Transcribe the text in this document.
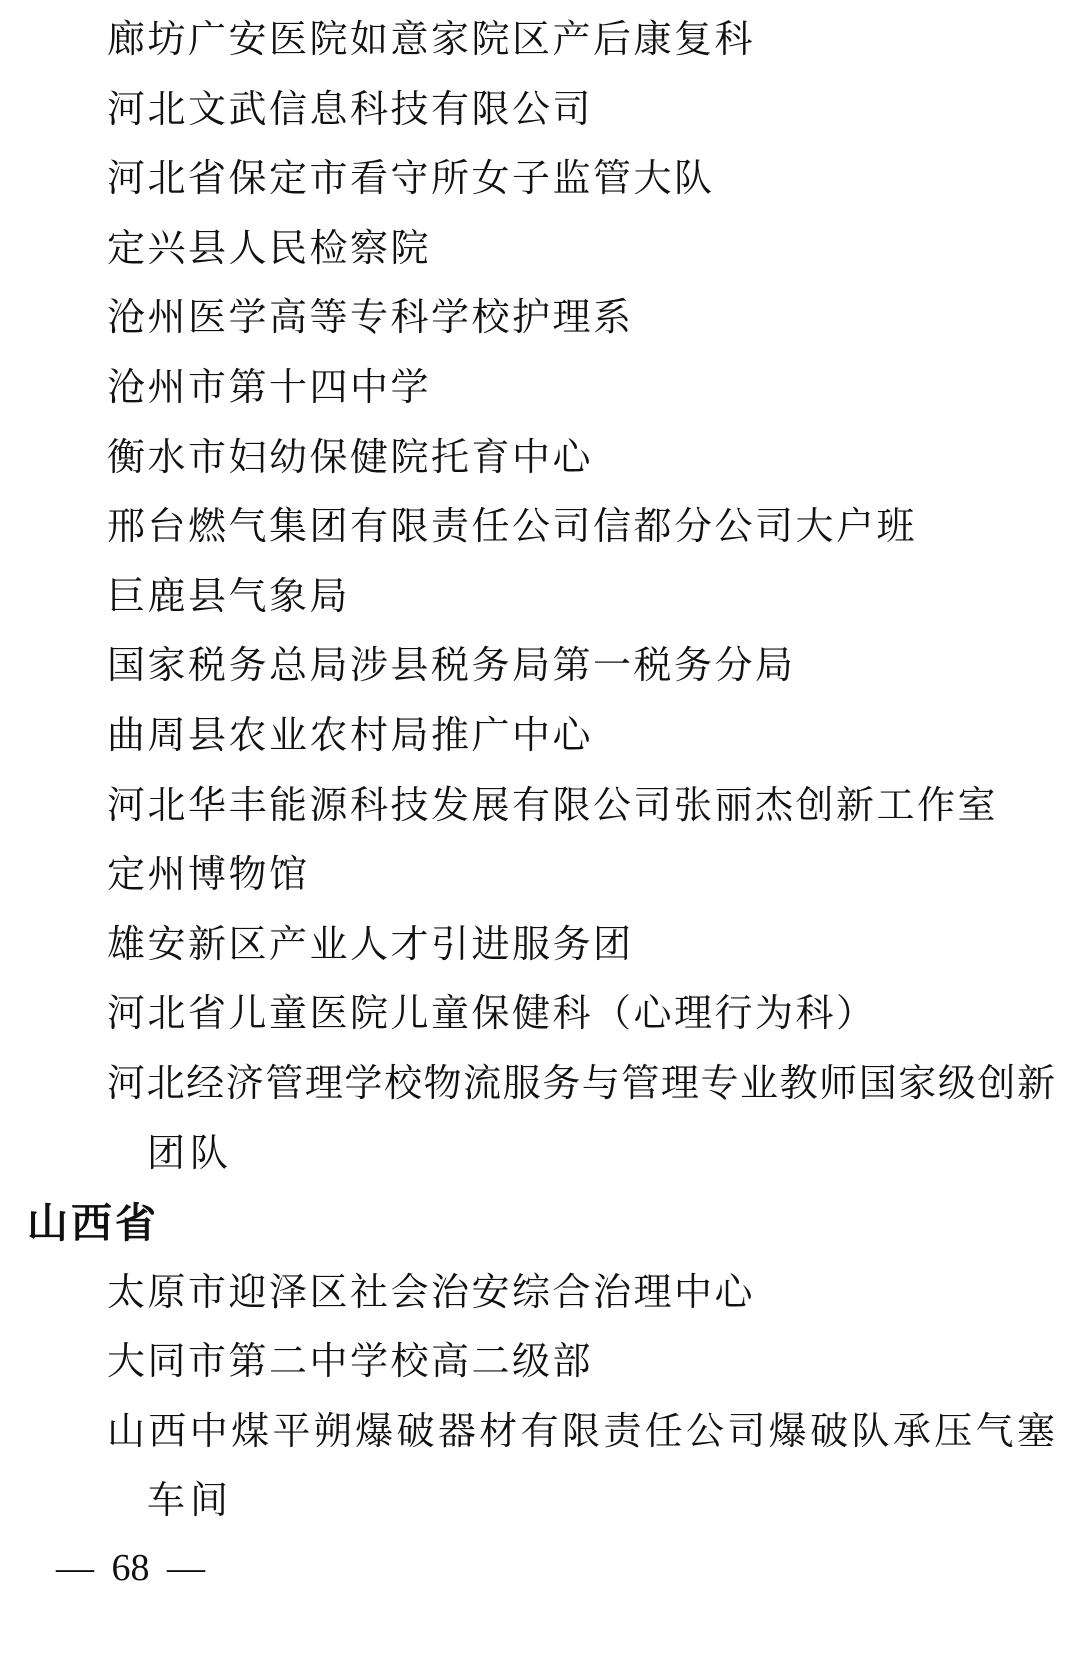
廊坊广安医院如意家院区产后康复科
河北文武信息科技有限公司
河北省保定市看守所女子监管大队
定兴县人民检察院
沧州医学高等专科学校护理系
沧州市第十四中学
衡水市妇幼保健院托育中心
邢台燃气集团有限责任公司信都分公司大户班
巨鹿县气象局
国家税务总局涉县税务局第一税务分局
曲周县农业农村局推广中心
河北华丰能源科技发展有限公司张丽杰创新工作室
定州博物馆
雄安新区产业人才引进服务团
河北省儿童医院儿童保健科（心理行为科）
河 北 经 济 管 理 学 校 物 流 服 务 与 管 理 专 业 教 师 国 家 级 创 新
团队
山西省
太原市迎泽区社会治安综合治理中心
大同市第二中学校高二级部
山 西 中 煤 平 朔 爆 破 器 材 有 限 责 任 公 司 爆 破 队 承 压 气 塞
车间
— 68 —
